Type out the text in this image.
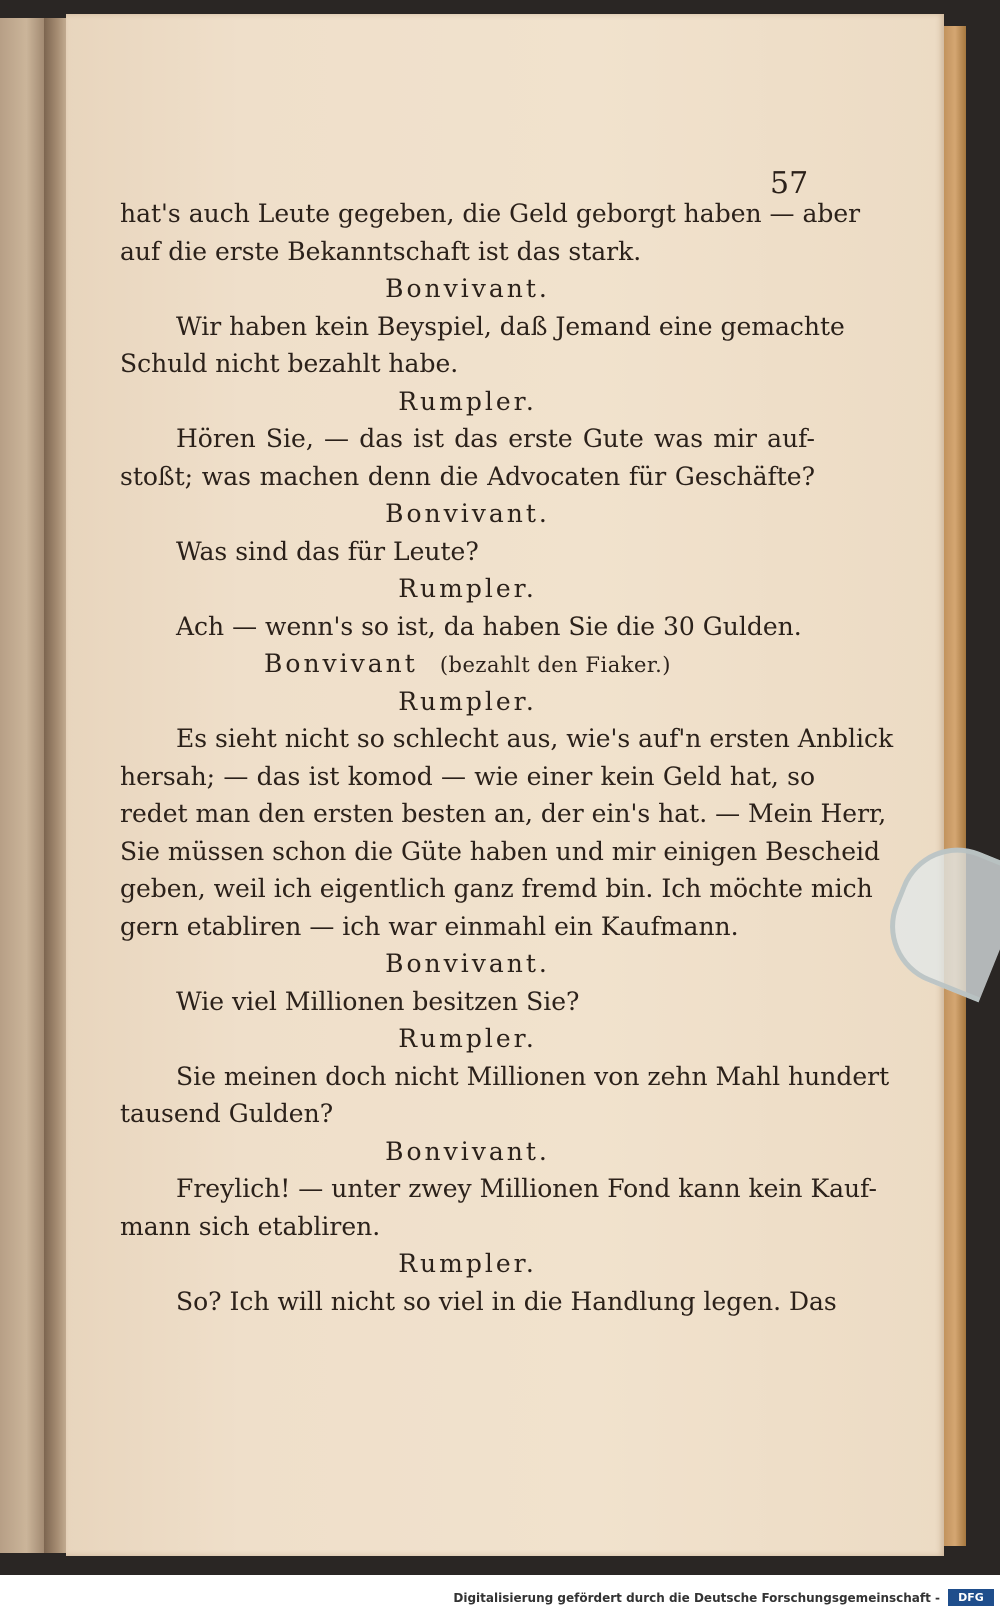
57
hat's auch Leute gegeben, die Geld geborgt haben — aber
auf die erste Bekanntschaft ist das stark.
Bonvivant.
Wir haben kein Beyspiel, daß Jemand eine gemachte
Schuld nicht bezahlt habe.
Rumpler.
Hören Sie, — das ist das erste Gute was mir auf-
stoßt; was machen denn die Advocaten für Geschäfte?
Bonvivant.
Was sind das für Leute?
Rumpler.
Ach — wenn's so ist, da haben Sie die 30 Gulden.
Bonvivant (bezahlt den Fiaker.)
Rumpler.
Es sieht nicht so schlecht aus, wie's auf'n ersten Anblick
hersah; — das ist komod — wie einer kein Geld hat, so
redet man den ersten besten an, der ein's hat. — Mein Herr,
Sie müssen schon die Güte haben und mir einigen Bescheid
geben, weil ich eigentlich ganz fremd bin. Ich möchte mich
gern etabliren — ich war einmahl ein Kaufmann.
Bonvivant.
Wie viel Millionen besitzen Sie?
Rumpler.
Sie meinen doch nicht Millionen von zehn Mahl hundert
tausend Gulden?
Bonvivant.
Freylich! — unter zwey Millionen Fond kann kein Kauf-
mann sich etabliren.
Rumpler.
So? Ich will nicht so viel in die Handlung legen. Das
Digitalisierung gefördert durch die Deutsche Forschungsgemeinschaft -	DFG
